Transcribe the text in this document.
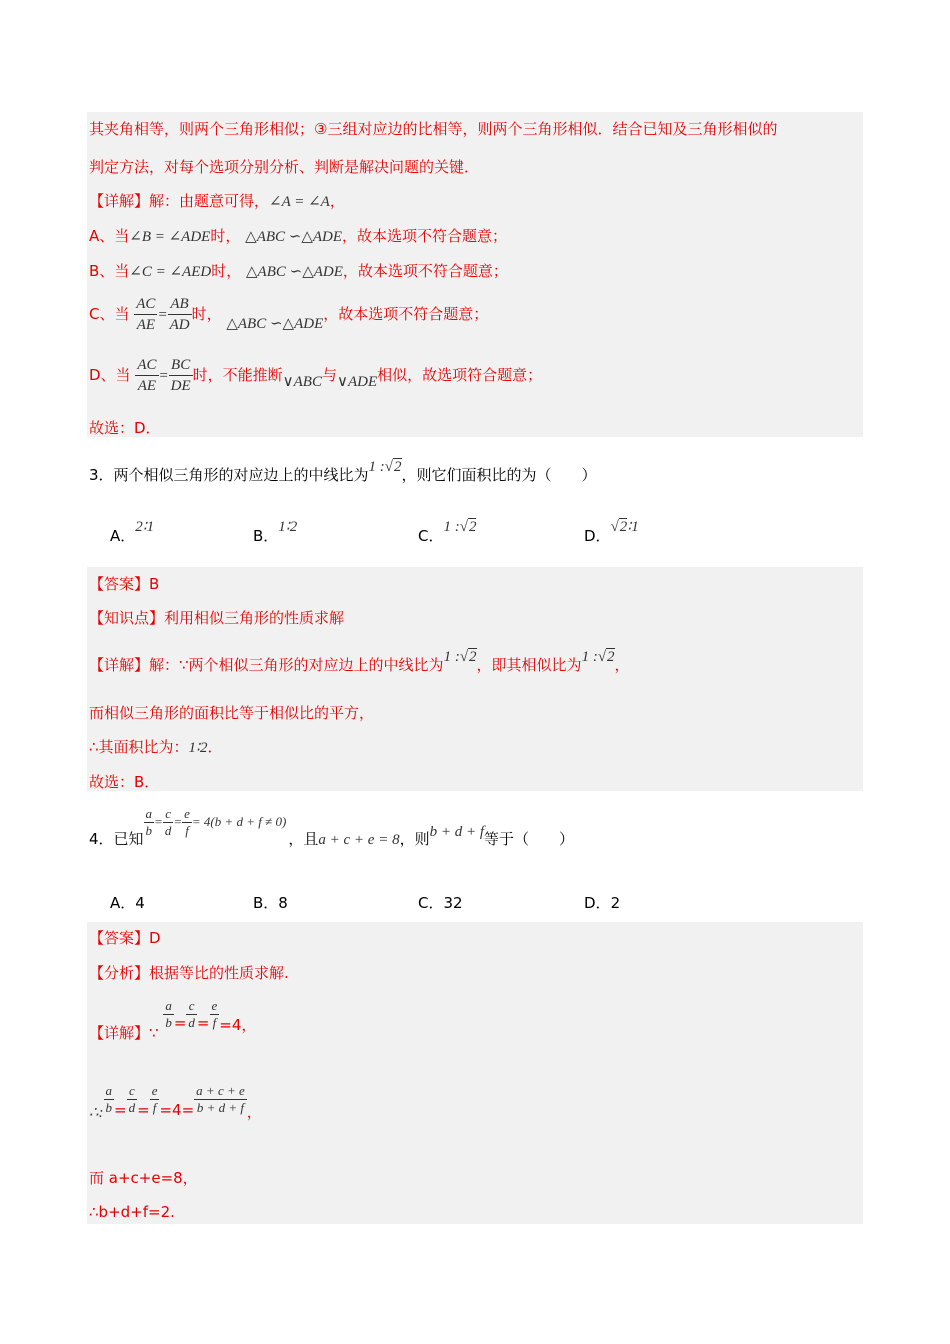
其夹角相等，则两个三角形相似；③三组对应边的比相等，则两个三角形相似．结合已知及三角形相似的
判定方法，对每个选项分别分析、判断是解决问题的关键．
【详解】解：由题意可得，∠A = ∠A，
A、当∠B = ∠ADE时， △ABC ∽△ADE，故本选项不符合题意；
B、当∠C = ∠AED时， △ABC ∽△ADE，故本选项不符合题意；
C、当 $\frac{AC}{AE} = \frac{AB}{AD}$ 时， △ABC ∽△ADE，故本选项不符合题意；
D、当 $\frac{AC}{AE} = \frac{BC}{DE}$ 时，不能推断∨ABC与∨ADE相似，故选项符合题意；
故选：D．
3．两个相似三角形的对应边上的中线比为1 :√2，则它们面积比的为（　　）
A．2∶1	B．1∶2	C．1 :√2	D．√2∶1
【答案】B
【知识点】利用相似三角形的性质求解
【详解】解：∵两个相似三角形的对应边上的中线比为1 :√2，即其相似比为1 :√2，
而相似三角形的面积比等于相似比的平方，
∴其面积比为：1∶2．
故选：B．
4．已知 $\frac{a}{b} = \frac{c}{d} = \frac{e}{f} = 4(b + d + f \ne 0)$，且a + c + e = 8，则b + d + f等于（　　）
A．4	B．8	C．32	D．2
【答案】D
【分析】根据等比的性质求解.
【详解】∵
$\frac{a}{b} = \frac{c}{d} = \frac{e}{f} =4$，
∴: $\frac{a}{b} = \frac{c}{d} = \frac{e}{f} =4= \frac{a + c + e}{b + d + f}$ ，
而 a+c+e=8，
∴b+d+f=2.
